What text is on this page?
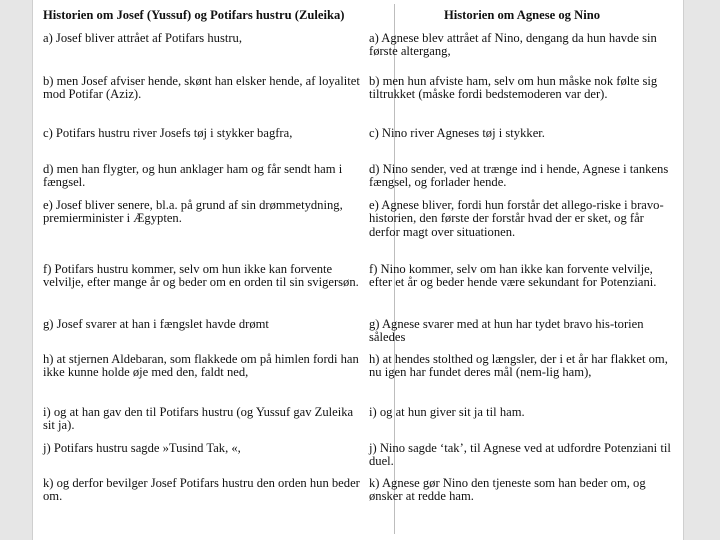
Historien om Josef (Yussuf) og Potifars hustru (Zuleika)	Historien om Agnese og Nino
a) Josef bliver attrået af Potifars hustru,	a) Agnese blev attrået af Nino, dengang da hun havde sin første altergang,
b) men Josef afviser hende, skønt han elsker hende, af loyalitet mod Potifar (Aziz).	b) men hun afviste ham, selv om hun måske nok følte sig tiltrukket (måske fordi bedstemoderen var der).
c) Potifars hustru river Josefs tøj i stykker bagfra,	c) Nino river Agneses tøj i stykker.
d) men han flygter, og hun anklager ham og får sendt ham i fængsel.	d) Nino sender, ved at trænge ind i hende, Agnese i tankens fængsel, og forlader hende.
e) Josef bliver senere, bl.a. på grund af sin drømmetydning, premierminister i Ægypten.	e) Agnese bliver, fordi hun forstår det allego-riske i bravo-historien, den første der forstår hvad der er sket, og får derfor magt over situationen.
f) Potifars hustru kommer, selv om hun ikke kan forvente velvilje, efter mange år og beder om en orden til sin svigersøn.	f) Nino kommer, selv om han ikke kan forvente velvilje, efter et år og beder hende være sekundant for Potenziani.
g) Josef svarer at han i fængslet havde drømt	g) Agnese svarer med at hun har tydet bravo his-torien således
h) at stjernen Aldebaran, som flakkede om på himlen fordi han ikke kunne holde øje med den, faldt ned,	h) at hendes stolthed og længsler, der i et år har flakket om, nu igen har fundet deres mål (nem-lig ham),
i) og at han gav den til Potifars hustru (og Yussuf gav Zuleika sit ja).	i) og at hun giver sit ja til ham.
j) Potifars hustru sagde »Tusind Tak, «,	j) Nino sagde ‘tak’, til Agnese ved at udfordre Potenziani til duel.
k) og derfor bevilger Josef Potifars hustru den orden hun beder om.	k) Agnese gør Nino den tjeneste som han beder om, og ønsker at redde ham.
